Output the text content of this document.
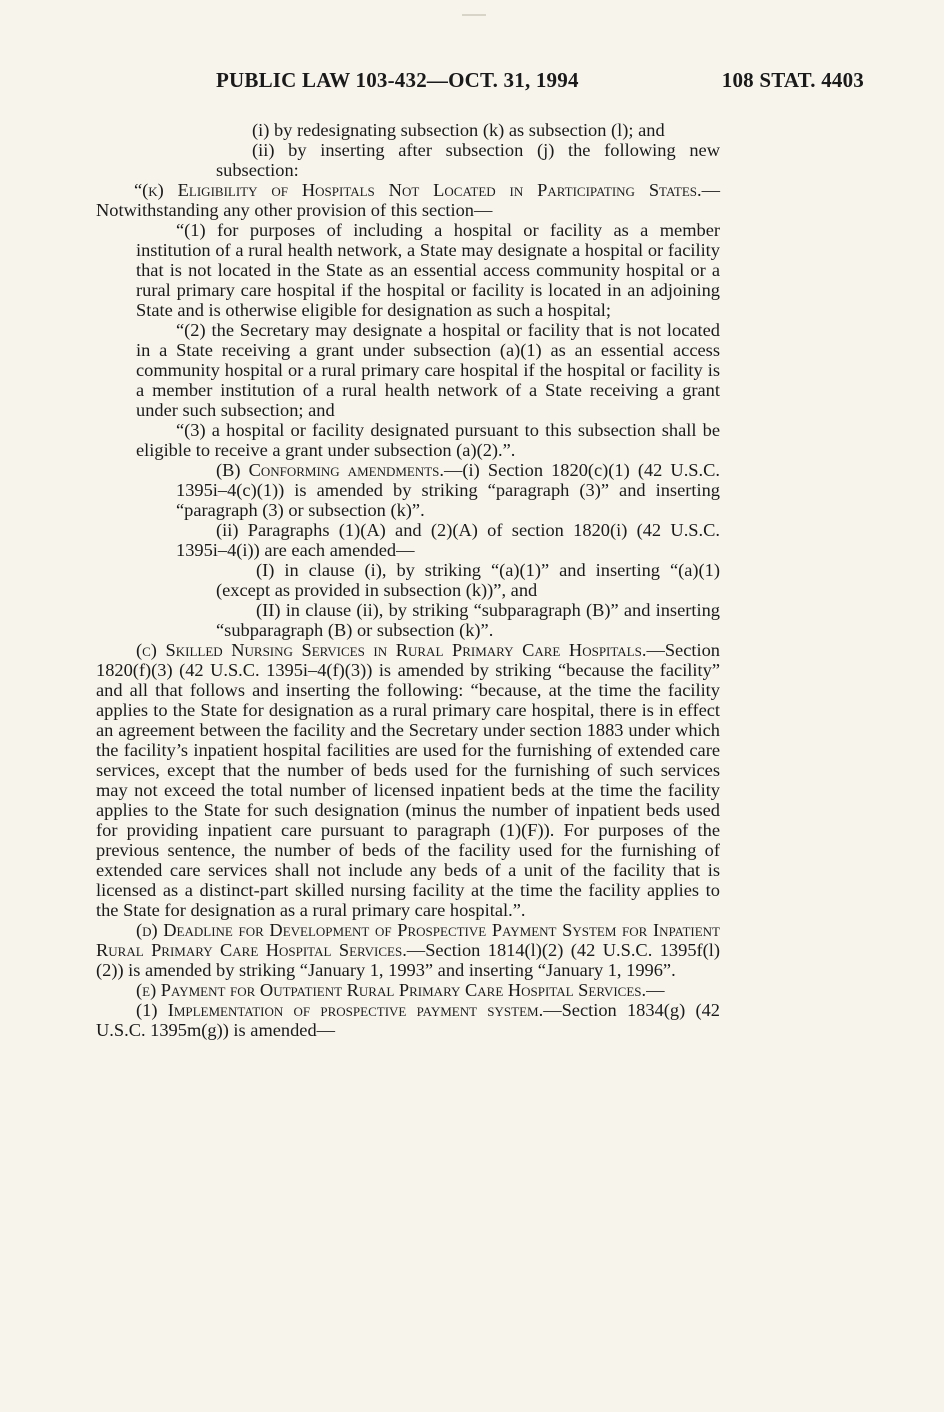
PUBLIC LAW 103-432—OCT. 31, 1994	108 STAT. 4403

(i) by redesignating subsection (k) as subsection (l); and

(ii) by inserting after subsection (j) the following new subsection:

“(k) Eligibility of Hospitals Not Located in Participating States.—Notwithstanding any other provision of this section—

“(1) for purposes of including a hospital or facility as a member institution of a rural health network, a State may designate a hospital or facility that is not located in the State as an essential access community hospital or a rural primary care hospital if the hospital or facility is located in an adjoining State and is otherwise eligible for designation as such a hospital;

“(2) the Secretary may designate a hospital or facility that is not located in a State receiving a grant under subsection (a)(1) as an essential access community hospital or a rural primary care hospital if the hospital or facility is a member institution of a rural health network of a State receiving a grant under such subsection; and

“(3) a hospital or facility designated pursuant to this subsection shall be eligible to receive a grant under subsection (a)(2).”.

(B) Conforming amendments.—(i) Section 1820(c)(1) (42 U.S.C. 1395i–4(c)(1)) is amended by striking “paragraph (3)” and inserting “paragraph (3) or subsection (k)”.

(ii) Paragraphs (1)(A) and (2)(A) of section 1820(i) (42 U.S.C. 1395i–4(i)) are each amended—

(I) in clause (i), by striking “(a)(1)” and inserting “(a)(1) (except as provided in subsection (k))”, and

(II) in clause (ii), by striking “subparagraph (B)” and inserting “subparagraph (B) or subsection (k)”.

(c) Skilled Nursing Services in Rural Primary Care Hospitals.—Section 1820(f)(3) (42 U.S.C. 1395i–4(f)(3)) is amended by striking “because the facility” and all that follows and inserting the following: “because, at the time the facility applies to the State for designation as a rural primary care hospital, there is in effect an agreement between the facility and the Secretary under section 1883 under which the facility’s inpatient hospital facilities are used for the furnishing of extended care services, except that the number of beds used for the furnishing of such services may not exceed the total number of licensed inpatient beds at the time the facility applies to the State for such designation (minus the number of inpatient beds used for providing inpatient care pursuant to paragraph (1)(F)). For purposes of the previous sentence, the number of beds of the facility used for the furnishing of extended care services shall not include any beds of a unit of the facility that is licensed as a distinct-part skilled nursing facility at the time the facility applies to the State for designation as a rural primary care hospital.”.

(d) Deadline for Development of Prospective Payment System for Inpatient Rural Primary Care Hospital Services.—Section 1814(l)(2) (42 U.S.C. 1395f(l)(2)) is amended by striking “January 1, 1993” and inserting “January 1, 1996”.

(e) Payment for Outpatient Rural Primary Care Hospital Services.—

(1) Implementation of prospective payment system.—Section 1834(g) (42 U.S.C. 1395m(g)) is amended—
